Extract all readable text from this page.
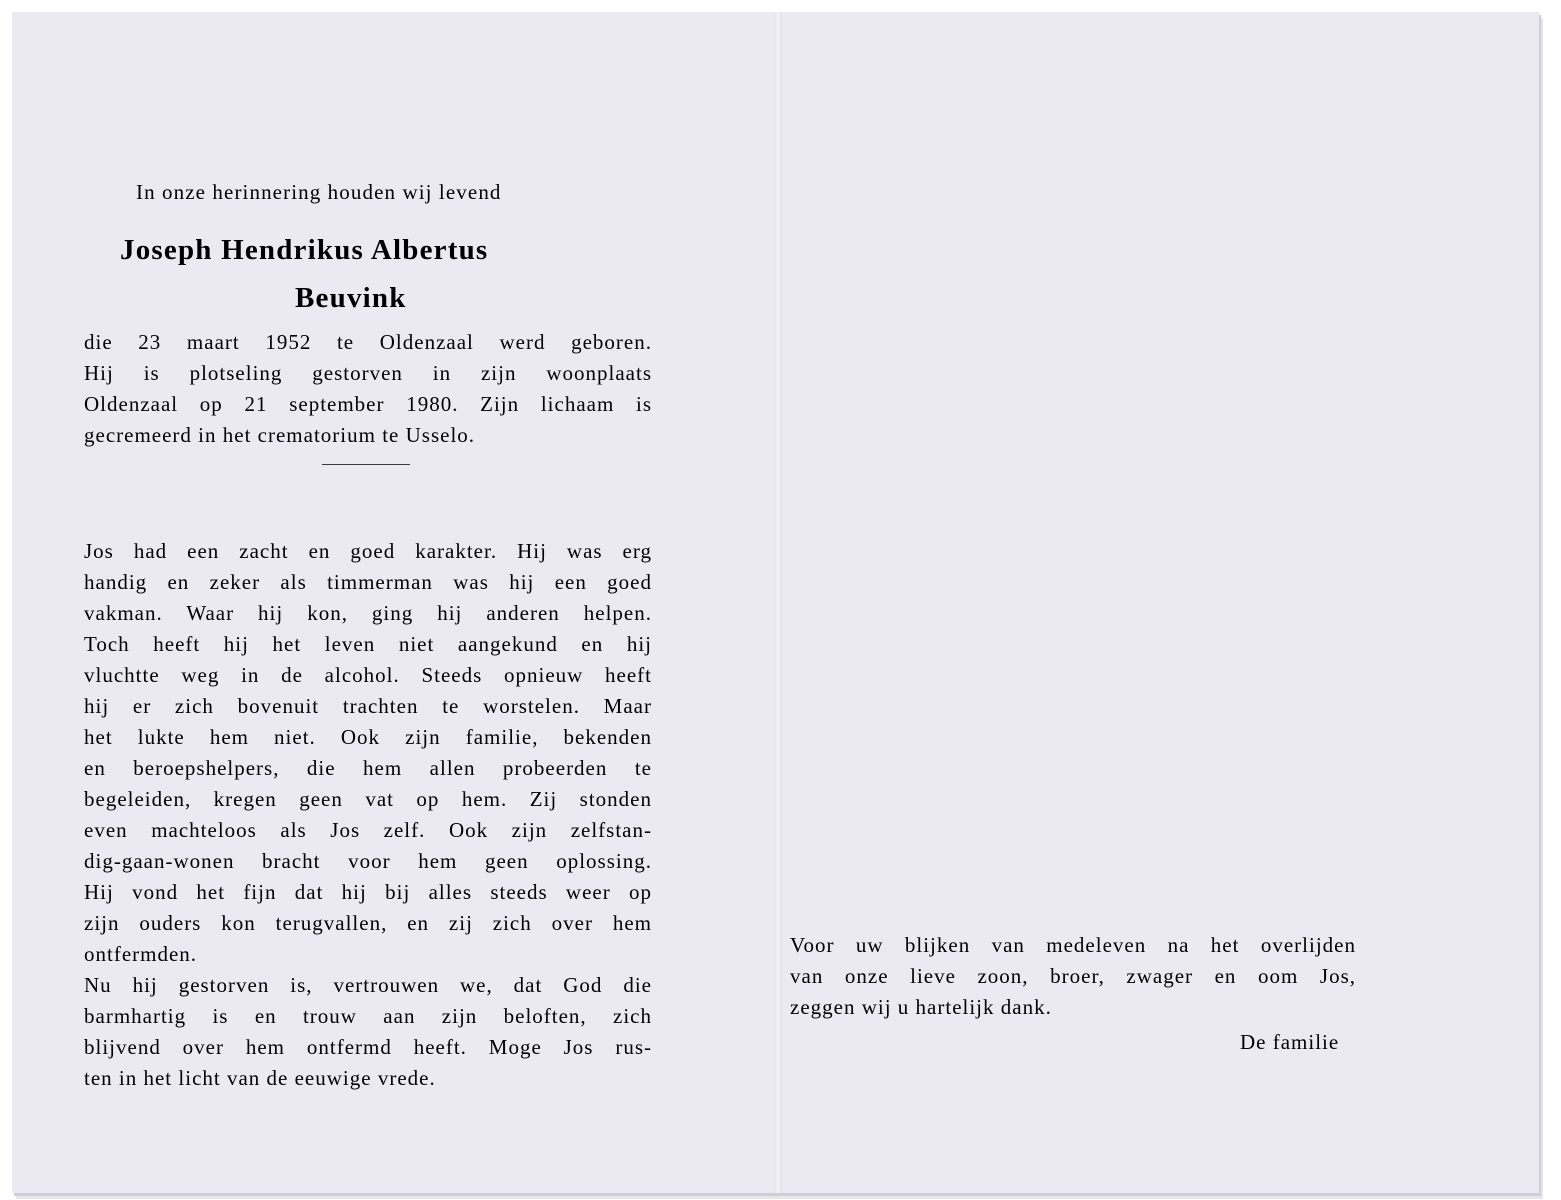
In onze herinnering houden wij levend
Joseph Hendrikus Albertus
Beuvink
die 23 maart 1952 te Oldenzaal werd geboren.
Hij is plotseling gestorven in zijn woonplaats
Oldenzaal op 21 september 1980. Zijn lichaam is
gecremeerd in het crematorium te Usselo.
Jos had een zacht en goed karakter. Hij was erg
handig en zeker als timmerman was hij een goed
vakman. Waar hij kon, ging hij anderen helpen.
Toch heeft hij het leven niet aangekund en hij
vluchtte weg in de alcohol. Steeds opnieuw heeft
hij er zich bovenuit trachten te worstelen. Maar
het lukte hem niet. Ook zijn familie, bekenden
en beroepshelpers, die hem allen probeerden te
begeleiden, kregen geen vat op hem. Zij stonden
even machteloos als Jos zelf. Ook zijn zelfstan-
dig-gaan-wonen bracht voor hem geen oplossing.
Hij vond het fijn dat hij bij alles steeds weer op
zijn ouders kon terugvallen, en zij zich over hem
ontfermden.
Nu hij gestorven is, vertrouwen we, dat God die
barmhartig is en trouw aan zijn beloften, zich
blijvend over hem ontfermd heeft. Moge Jos rus-
ten in het licht van de eeuwige vrede.
Voor uw blijken van medeleven na het overlijden
van onze lieve zoon, broer, zwager en oom Jos,
zeggen wij u hartelijk dank.
De familie
